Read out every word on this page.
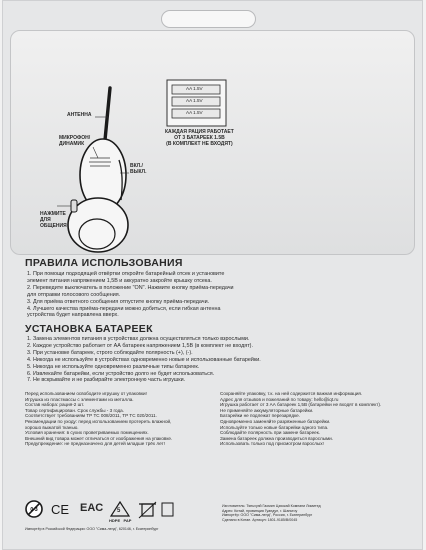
АНТЕННА
МИКРОФОН/
ДИНАМИК
ВКЛ./
ВЫКЛ.
НАЖМИТЕ
ДЛЯ
ОБЩЕНИЯ
AA 1.5V
AA 1.5V
AA 1.5V
КАЖДАЯ РАЦИЯ РАБОТАЕТ
ОТ 3 БАТАРЕЕК 1.5В
(В КОМПЛЕКТ НЕ ВХОДЯТ)
ПРАВИЛА ИСПОЛЬЗОВАНИЯ
1. При помощи подходящей отвёртки откройте батарейный отсек и установите
элемент питания напряжением 1,5В и аккуратно закройте крышку отсека.
2. Переведите выключатель в положение "ON". Нажмите кнопку приёма-передачи
для отправки голосового сообщения.
3. Для приёма ответного сообщения отпустите кнопку приёма-передачи.
4. Лучшего качества приёма-передачи можно добиться, если гибкая антенна
устройства будет направлена вверх.
УСТАНОВКА БАТАРЕЕК
1. Замена элементов питания в устройствах должна осуществляться только взрослыми.
2. Каждое устройство работает от АА батареек напряжением 1,5В (в комплект не входят).
3. При установке батареек, строго соблюдайте полярность (+), (-).
4. Никогда не используйте в устройствах одновременно новые и использованные батарейки.
5. Никогда не используйте одновременно различные типы батареек.
6. Извлекайте батарейки, если устройство долго не будет использоваться.
7. Не вскрывайте и не разбирайте электронную часть игрушки.
Перед использованием освободите игрушку от упаковки!
Игрушка из пластмассы с элементами из металла.
Состав набора: рация-2 шт.
Товар сертифицирован. Срок службы - 3 года.
Соответствует требованиям ТР ТС 008/2011, ТР ТС 020/2011.
Рекомендации по уходу: перед использованием протереть влажной,
хорошо выжатой тканью.
Условия хранения: в сухих проветриваемых помещениях.
Внешний вид товара может отличаться от изображения на упаковке.
Предупреждение: не предназначено для детей младше трёх лет!
Сохраняйте упаковку, т.к. на ней содержится важная информация.
Адрес для отзывов и пожеланий по товару: hello@iqt.ru
Игрушка работает от 3 АА батареек 1,5В (батарейки не входят в комплект).
Не применяйте аккумуляторные батарейки.
Батарейки не подлежат перезарядке.
Одновременно заменяйте разряженные батарейки.
Используйте только новые батарейки одного типа.
Соблюдайте полярность при замене батареек.
Замена батареек должна производиться взрослыми.
Использовать только под присмотром взрослых!
0-3 CE EAC 5
HDPE   PAP
Изготовитель: Тяньхуэй Гаомин Цзяокай Компани Лимитед
Адрес: Китай, провинция Гуандун, г. Шаньтоу
Импортёр: ООО "Сима-ленд", Россия, г. Екатеринбург
Сделано в Китае. Артикул: 1801-9185/В/0045
Импортёр в Российской Федерации: ООО "Сима-ленд", 620146, г. Екатеринбург
